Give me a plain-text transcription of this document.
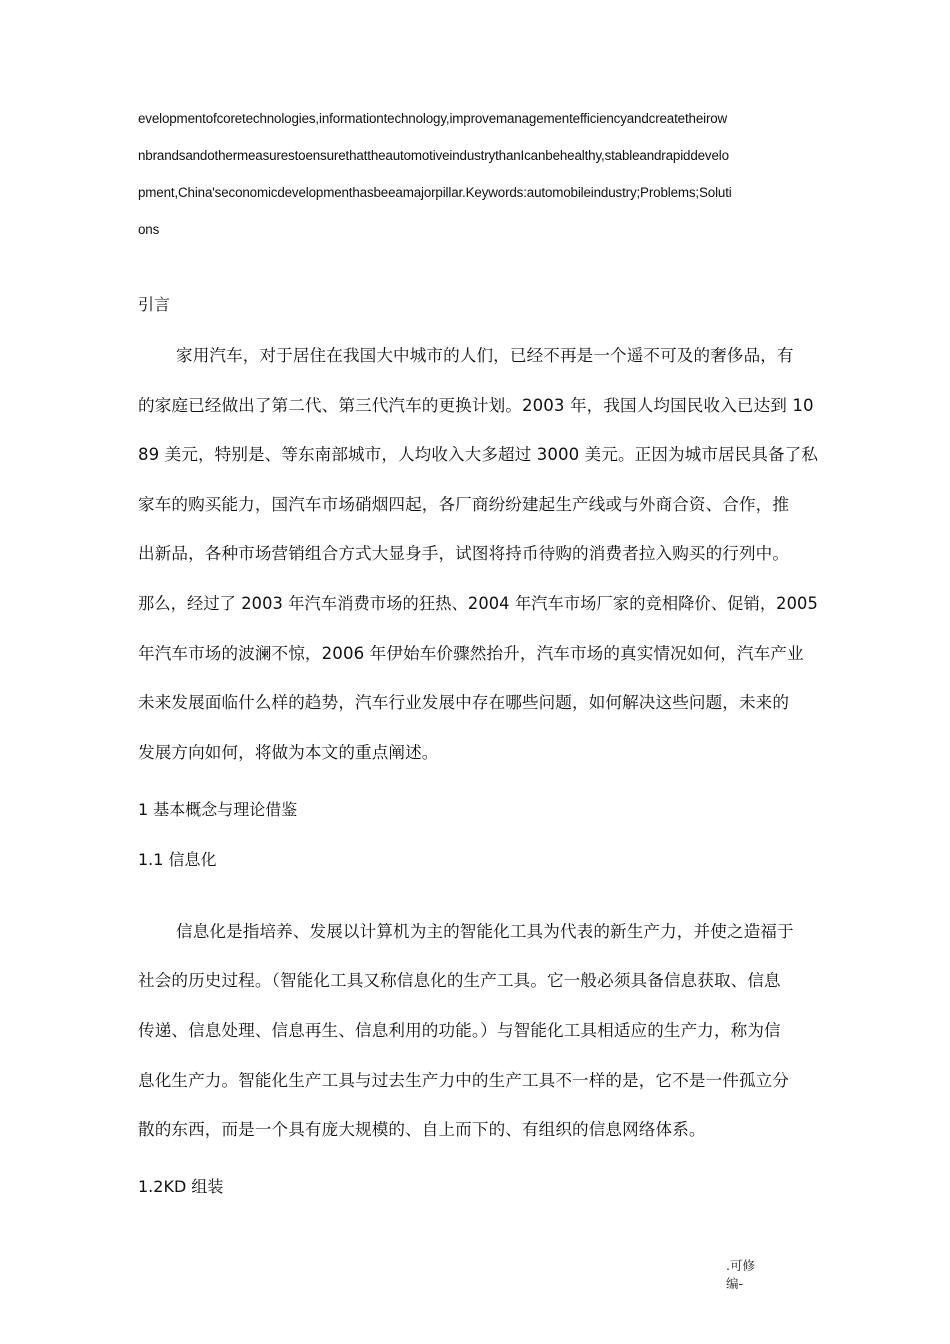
evelopmentofcoretechnologies,informationtechnology,improvemanagementefficiencyandcreatetheirow
nbrandsandothermeasurestoensurethattheautomotiveindustrythanIcanbehealthy,stableandrapiddevelo
pment,China'seconomicdevelopmenthasbeeamajorpillar.Keywords:automobileindustry;Problems;Soluti
ons
引言
家用汽车，对于居住在我国大中城市的人们，已经不再是一个遥不可及的奢侈品，有
的家庭已经做出了第二代、第三代汽车的更换计划。2003 年，我国人均国民收入已达到 10
89 美元，特别是、等东南部城市，人均收入大多超过 3000 美元。正因为城市居民具备了私
家车的购买能力，国汽车市场硝烟四起，各厂商纷纷建起生产线或与外商合资、合作，推
出新品，各种市场营销组合方式大显身手，试图将持币待购的消费者拉入购买的行列中。
那么，经过了 2003 年汽车消费市场的狂热、2004 年汽车市场厂家的竞相降价、促销，2005
年汽车市场的波澜不惊，2006 年伊始车价骤然抬升，汽车市场的真实情况如何，汽车产业
未来发展面临什么样的趋势，汽车行业发展中存在哪些问题，如何解决这些问题，未来的
发展方向如何，将做为本文的重点阐述。
1 基本概念与理论借鉴
1.1 信息化
信息化是指培养、发展以计算机为主的智能化工具为代表的新生产力，并使之造福于
社会的历史过程。（智能化工具又称信息化的生产工具。它一般必须具备信息获取、信息
传递、信息处理、信息再生、信息利用的功能。）与智能化工具相适应的生产力，称为信
息化生产力。智能化生产工具与过去生产力中的生产工具不一样的是，它不是一件孤立分
散的东西，而是一个具有庞大规模的、自上而下的、有组织的信息网络体系。
1.2KD 组装
.可修
编-
